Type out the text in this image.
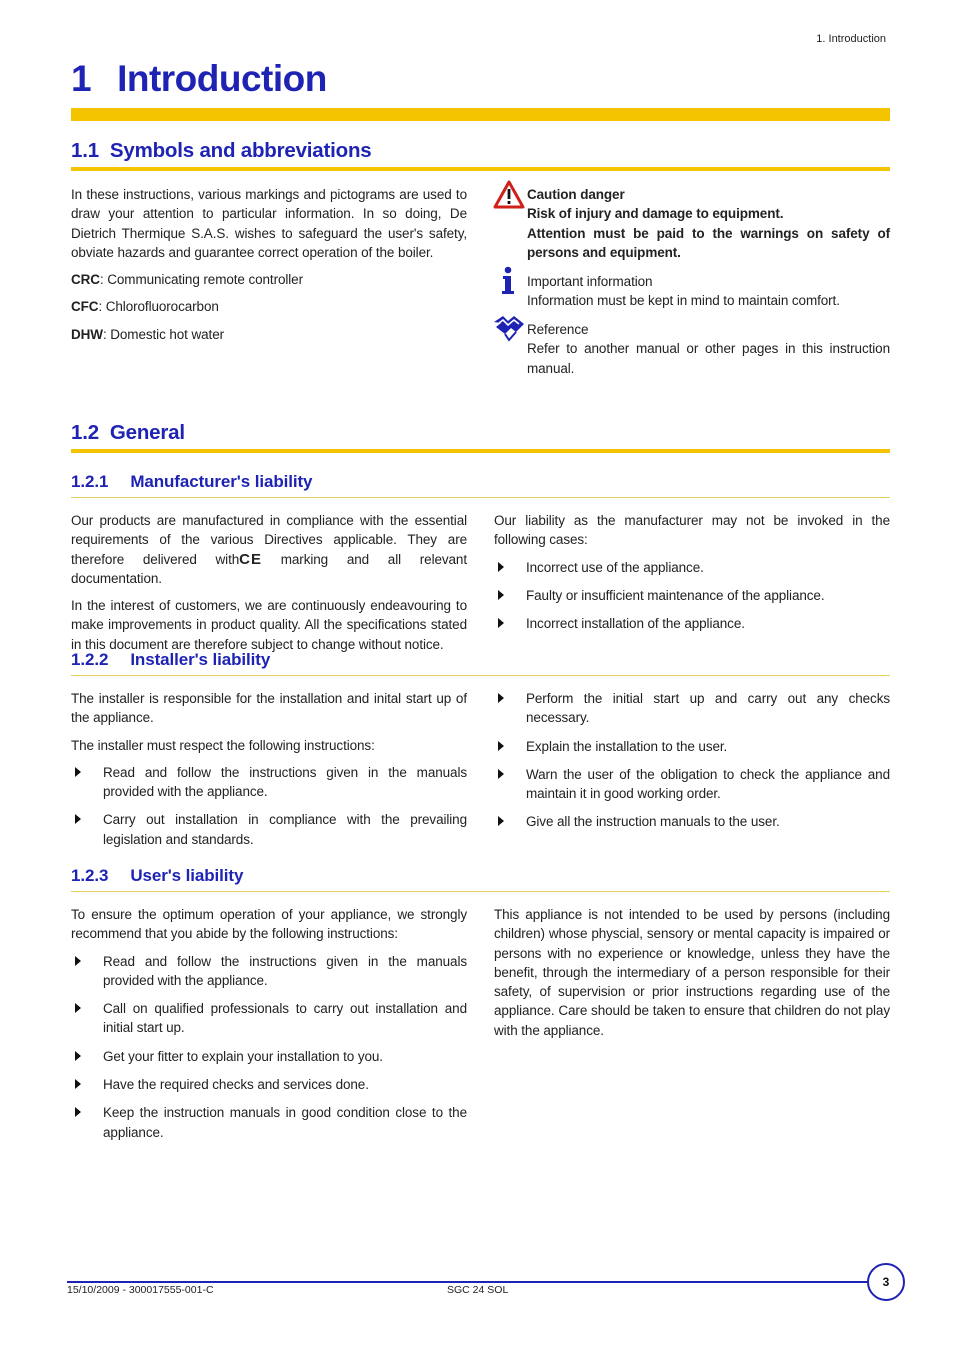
1. Introduction
1 Introduction
1.1 Symbols and abbreviations

In these instructions, various markings and pictograms are used to draw your attention to particular information. In so doing, De Dietrich Thermique S.A.S. wishes to safeguard the user's safety, obviate hazards and guarantee correct operation of the boiler.

CRC: Communicating remote controller

CFC: Chlorofluorocarbon

DHW: Domestic hot water

Caution danger

Risk of injury and damage to equipment.

Attention must be paid to the warnings on safety of persons and equipment.

Important information

Information must be kept in mind to maintain comfort.

Reference

Refer to another manual or other pages in this instruction manual.

1.2 General
1.2.1 Manufacturer's liability

Our products are manufactured in compliance with the essential requirements of the various Directives applicable. They are therefore delivered withCE marking and all relevant documentation.

In the interest of customers, we are continuously endeavouring to make improvements in product quality. All the specifications stated in this document are therefore subject to change without notice.

Our liability as the manufacturer may not be invoked in the following cases:

Incorrect use of the appliance.
Faulty or insufficient maintenance of the appliance.
Incorrect installation of the appliance.
1.2.2 Installer's liability

The installer is responsible for the installation and inital start up of the appliance.

The installer must respect the following instructions:

Read and follow the instructions given in the manuals provided with the appliance.
Carry out installation in compliance with the prevailing legislation and standards.
Perform the initial start up and carry out any checks necessary.
Explain the installation to the user.
Warn the user of the obligation to check the appliance and maintain it in good working order.
Give all the instruction manuals to the user.
1.2.3 User's liability

To ensure the optimum operation of your appliance, we strongly recommend that you abide by the following instructions:

Read and follow the instructions given in the manuals provided with the appliance.
Call on qualified professionals to carry out installation and initial start up.
Get your fitter to explain your installation to you.
Have the required checks and services done.
Keep the instruction manuals in good condition close to the appliance.

This appliance is not intended to be used by persons (including children) whose physcial, sensory or mental capacity is impaired or persons with no experience or knowledge, unless they have the benefit, through the intermediary of a person responsible for their safety, of supervision or prior instructions regarding use of the appliance. Care should be taken to ensure that children do not play with the appliance.

15/10/2009 - 300017555-001-C	SGC 24 SOL
3
